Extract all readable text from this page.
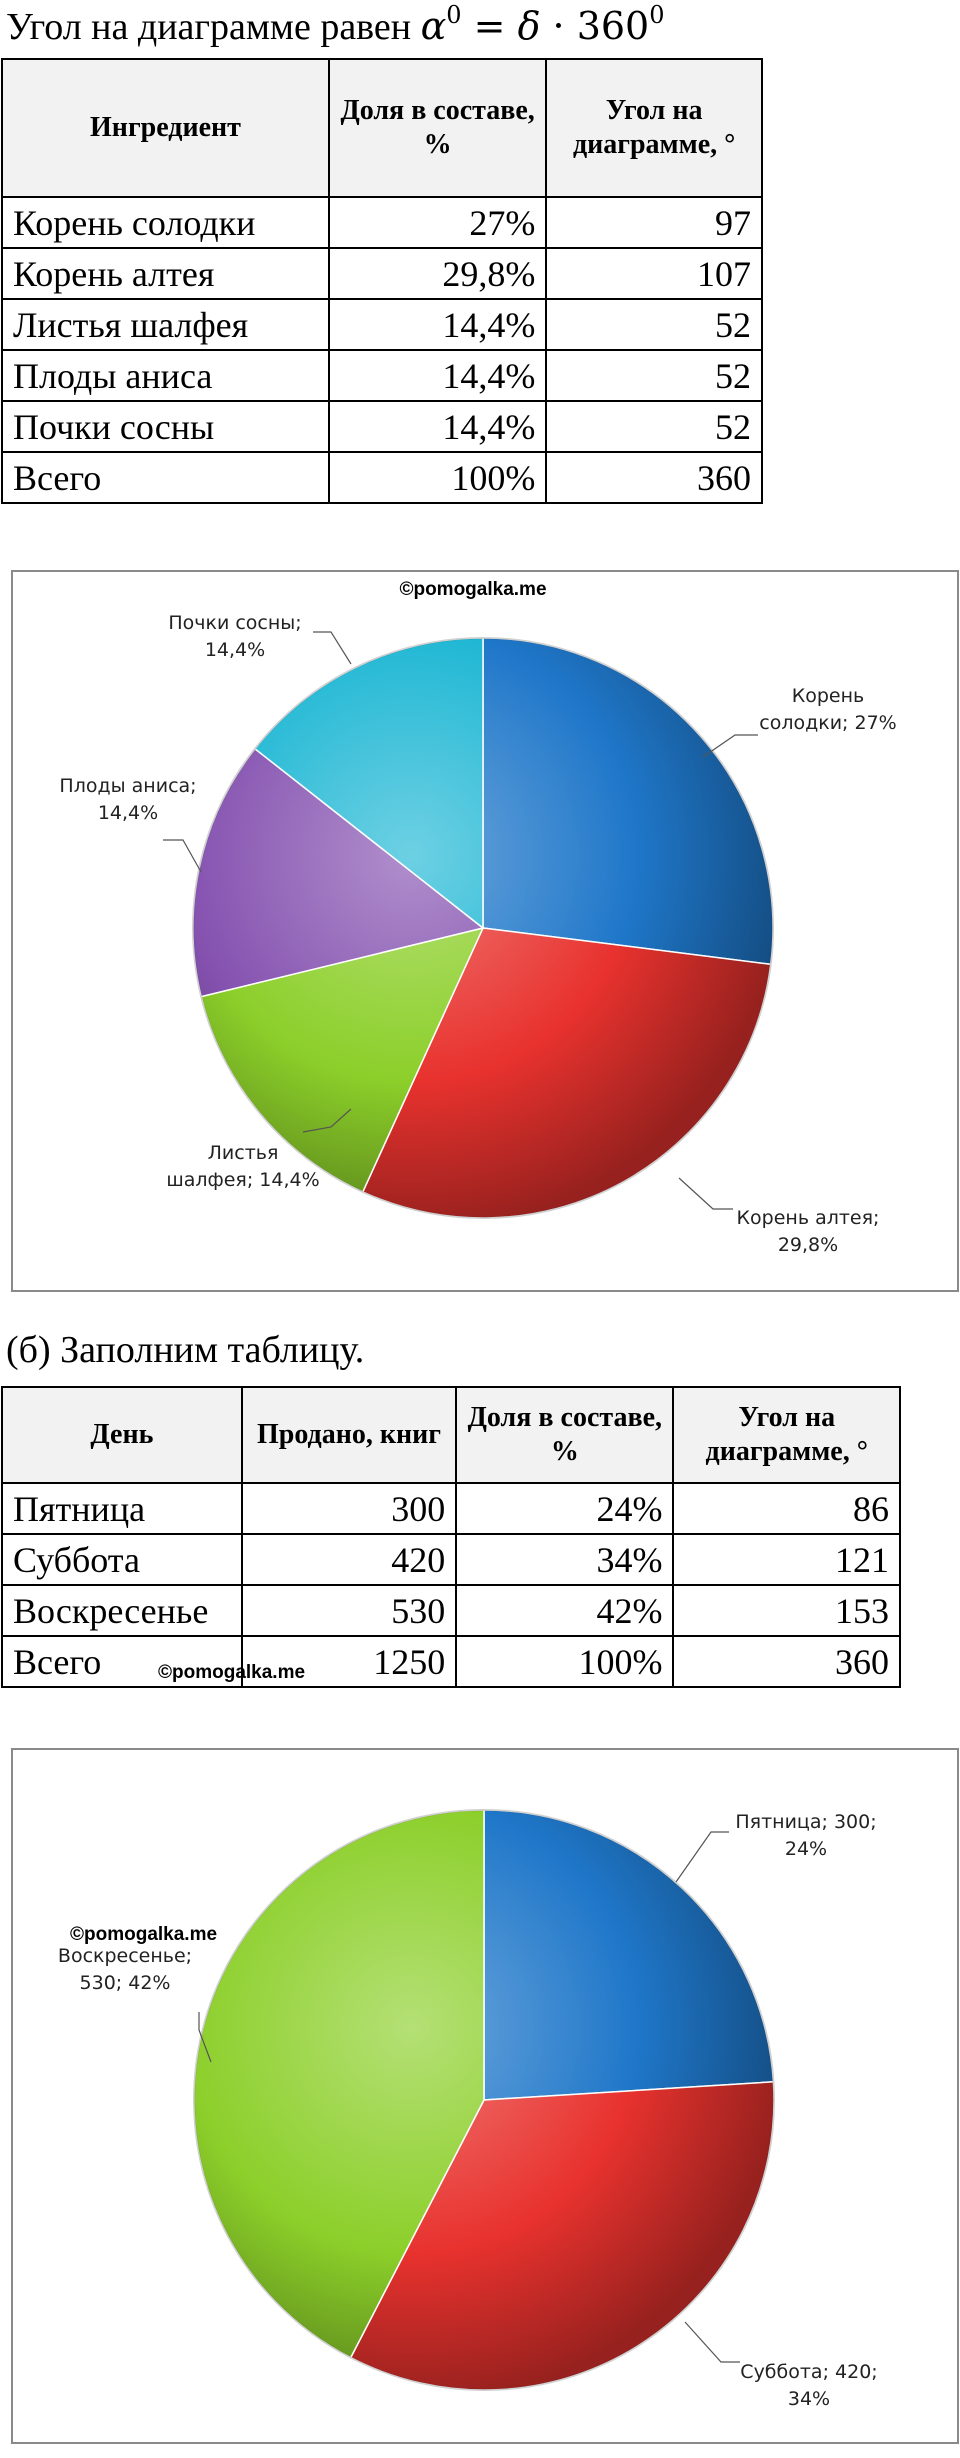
Угол на диаграмме равен $\alpha^0 = \delta \cdot 360^0$
Ингредиент	Доля в составе, %	Угол на диаграмме, °
Корень солодки	27%	97
Корень алтея	29,8%	107
Листья шалфея	14,4%	52
Плоды аниса	14,4%	52
Почки сосны	14,4%	52
Всего	100%	360
©pomogalka.me
Корень солодки; 27%
Корень алтея; 29,8%
Листья шалфея; 14,4%
Плоды аниса; 14,4%
Почки сосны; 14,4%
(б) Заполним таблицу.
День	Продано, книг	Доля в составе, %	Угол на диаграмме, °
Пятница	300	24%	86
Суббота	420	34%	121
Воскресенье	530	42%	153
Всего	1250	100%	360
©pomogalka.me
©pomogalka.me
Пятница; 300; 24%
Суббота; 420; 34%
Воскресенье; 530; 42%
